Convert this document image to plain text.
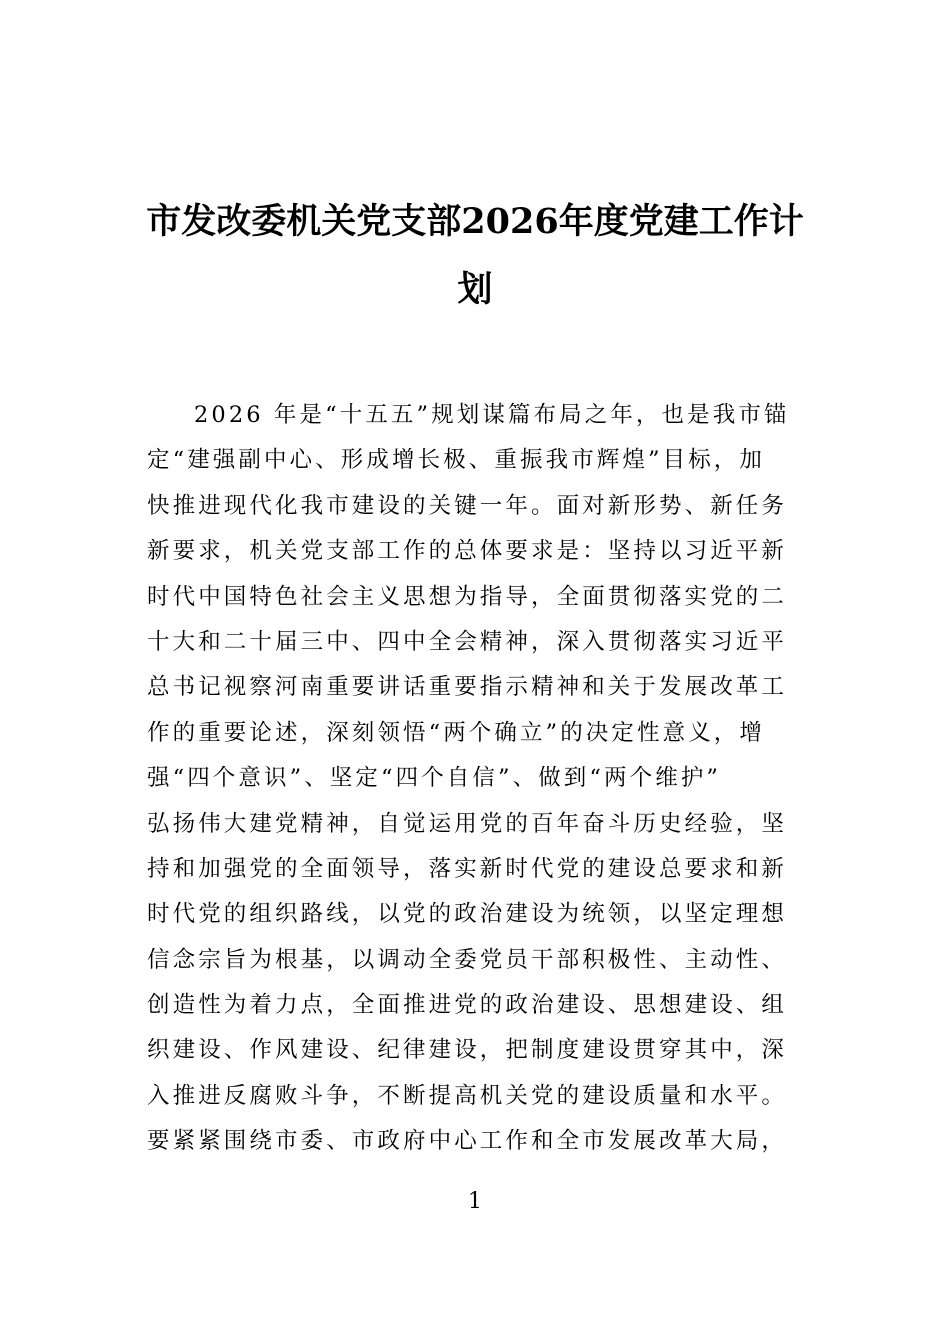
市发改委机关党支部2026年度党建工作计
划
2026 年是“十五五”规划谋篇布局之年，也是我市锚
定“建强副中心、形成增长极、重振我市辉煌”目标，加
快推进现代化我市建设的关键一年。面对新形势、新任务
新要求，机关党支部工作的总体要求是：坚持以习近平新
时代中国特色社会主义思想为指导，全面贯彻落实党的二
十大和二十届三中、四中全会精神，深入贯彻落实习近平
总书记视察河南重要讲话重要指示精神和关于发展改革工
作的重要论述，深刻领悟“两个确立”的决定性意义，增
强“四个意识”、坚定“四个自信”、做到“两个维护”
弘扬伟大建党精神，自觉运用党的百年奋斗历史经验，坚
持和加强党的全面领导，落实新时代党的建设总要求和新
时代党的组织路线，以党的政治建设为统领，以坚定理想
信念宗旨为根基，以调动全委党员干部积极性、主动性、
创造性为着力点，全面推进党的政治建设、思想建设、组
织建设、作风建设、纪律建设，把制度建设贯穿其中，深
入推进反腐败斗争，不断提高机关党的建设质量和水平。
要紧紧围绕市委、市政府中心工作和全市发展改革大局，

1
